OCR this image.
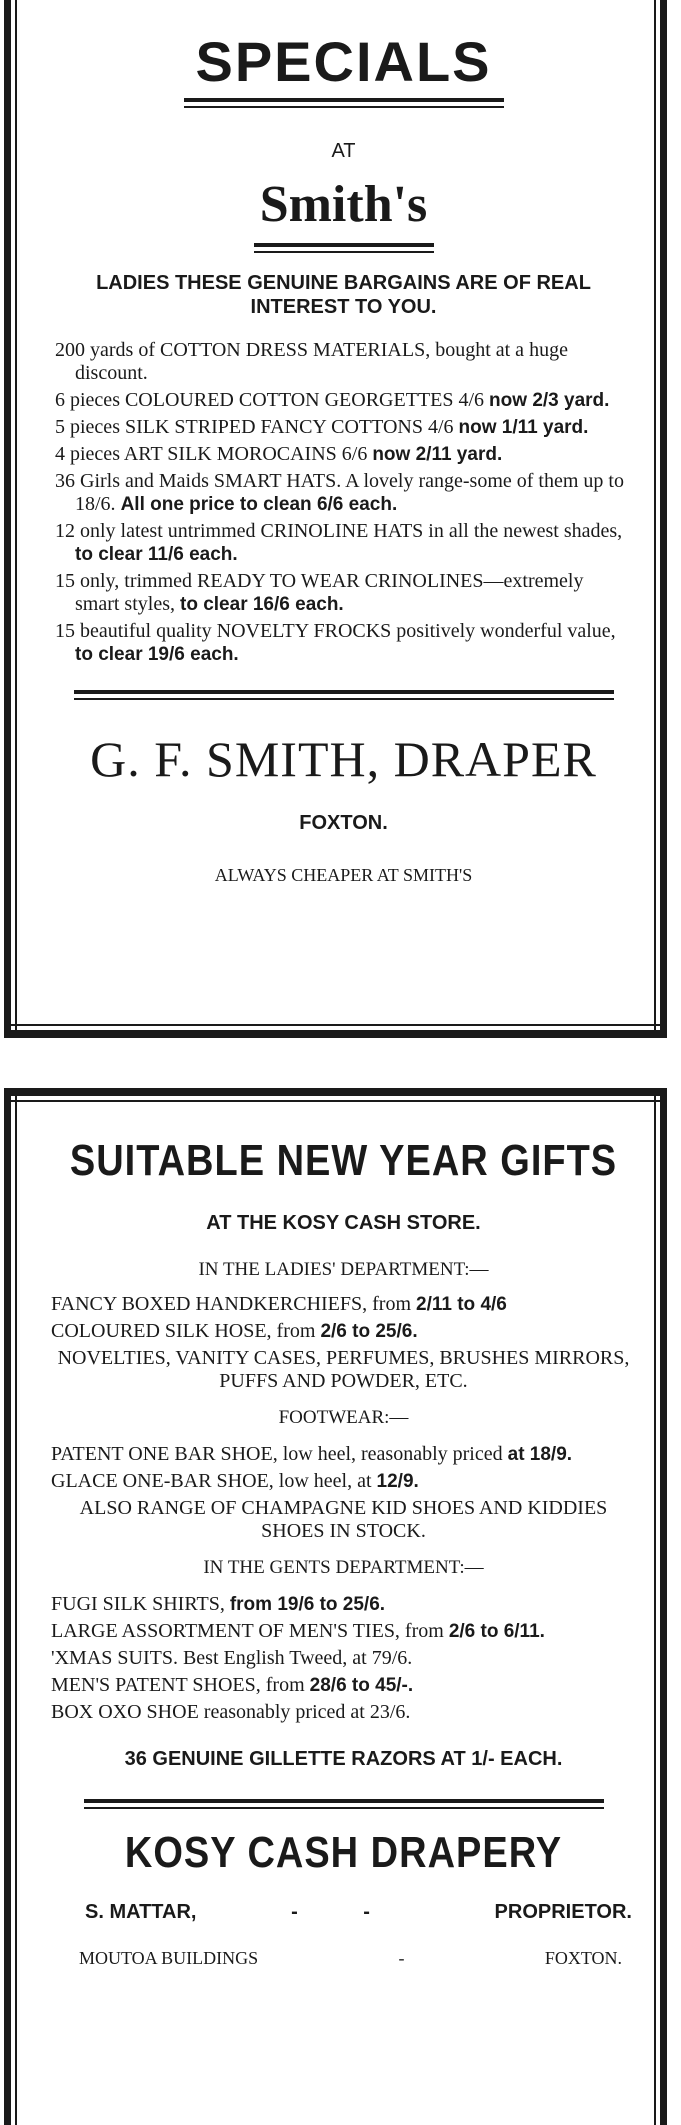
SPECIALS
AT
Smith's
LADIES THESE GENUINE BARGAINS ARE OF REAL INTEREST TO YOU.
200 yards of COTTON DRESS MATERIALS, bought at a huge discount.
6 pieces COLOURED COTTON GEORGETTES 4/6 now 2/3 yard.
5 pieces SILK STRIPED FANCY COTTONS 4/6 now 1/11 yard.
4 pieces ART SILK MOROCAINS 6/6 now 2/11 yard.
36 Girls and Maids SMART HATS. A lovely range-some of them up to 18/6. All one price to clean 6/6 each.
12 only latest untrimmed CRINOLINE HATS in all the newest shades, to clear 11/6 each.
15 only, trimmed READY TO WEAR CRINOLINES—extremely smart styles, to clear 16/6 each.
15 beautiful quality NOVELTY FROCKS positively wonderful value, to clear 19/6 each.
G. F. SMITH, DRAPER
FOXTON.
ALWAYS CHEAPER AT SMITH'S
SUITABLE NEW YEAR GIFTS
AT THE KOSY CASH STORE.
IN THE LADIES' DEPARTMENT:—
FANCY BOXED HANDKERCHIEFS, from 2/11 to 4/6
COLOURED SILK HOSE, from 2/6 to 25/6.
NOVELTIES, VANITY CASES, PERFUMES, BRUSHES MIRRORS, PUFFS AND POWDER, ETC.
FOOTWEAR:—
PATENT ONE BAR SHOE, low heel, reasonably priced at 18/9.
GLACE ONE-BAR SHOE, low heel, at 12/9.
ALSO RANGE OF CHAMPAGNE KID SHOES AND KIDDIES SHOES IN STOCK.
IN THE GENTS DEPARTMENT:—
FUGI SILK SHIRTS, from 19/6 to 25/6.
LARGE ASSORTMENT OF MEN'S TIES, from 2/6 to 6/11.
'XMAS SUITS. Best English Tweed, at 79/6.
MEN'S PATENT SHOES, from 28/6 to 45/-.
BOX OXO SHOE reasonably priced at 23/6.
36 GENUINE GILLETTE RAZORS AT 1/- EACH.
KOSY CASH DRAPERY
S. MATTAR,	- -	PROPRIETOR.
MOUTOA BUILDINGS	-	FOXTON.
